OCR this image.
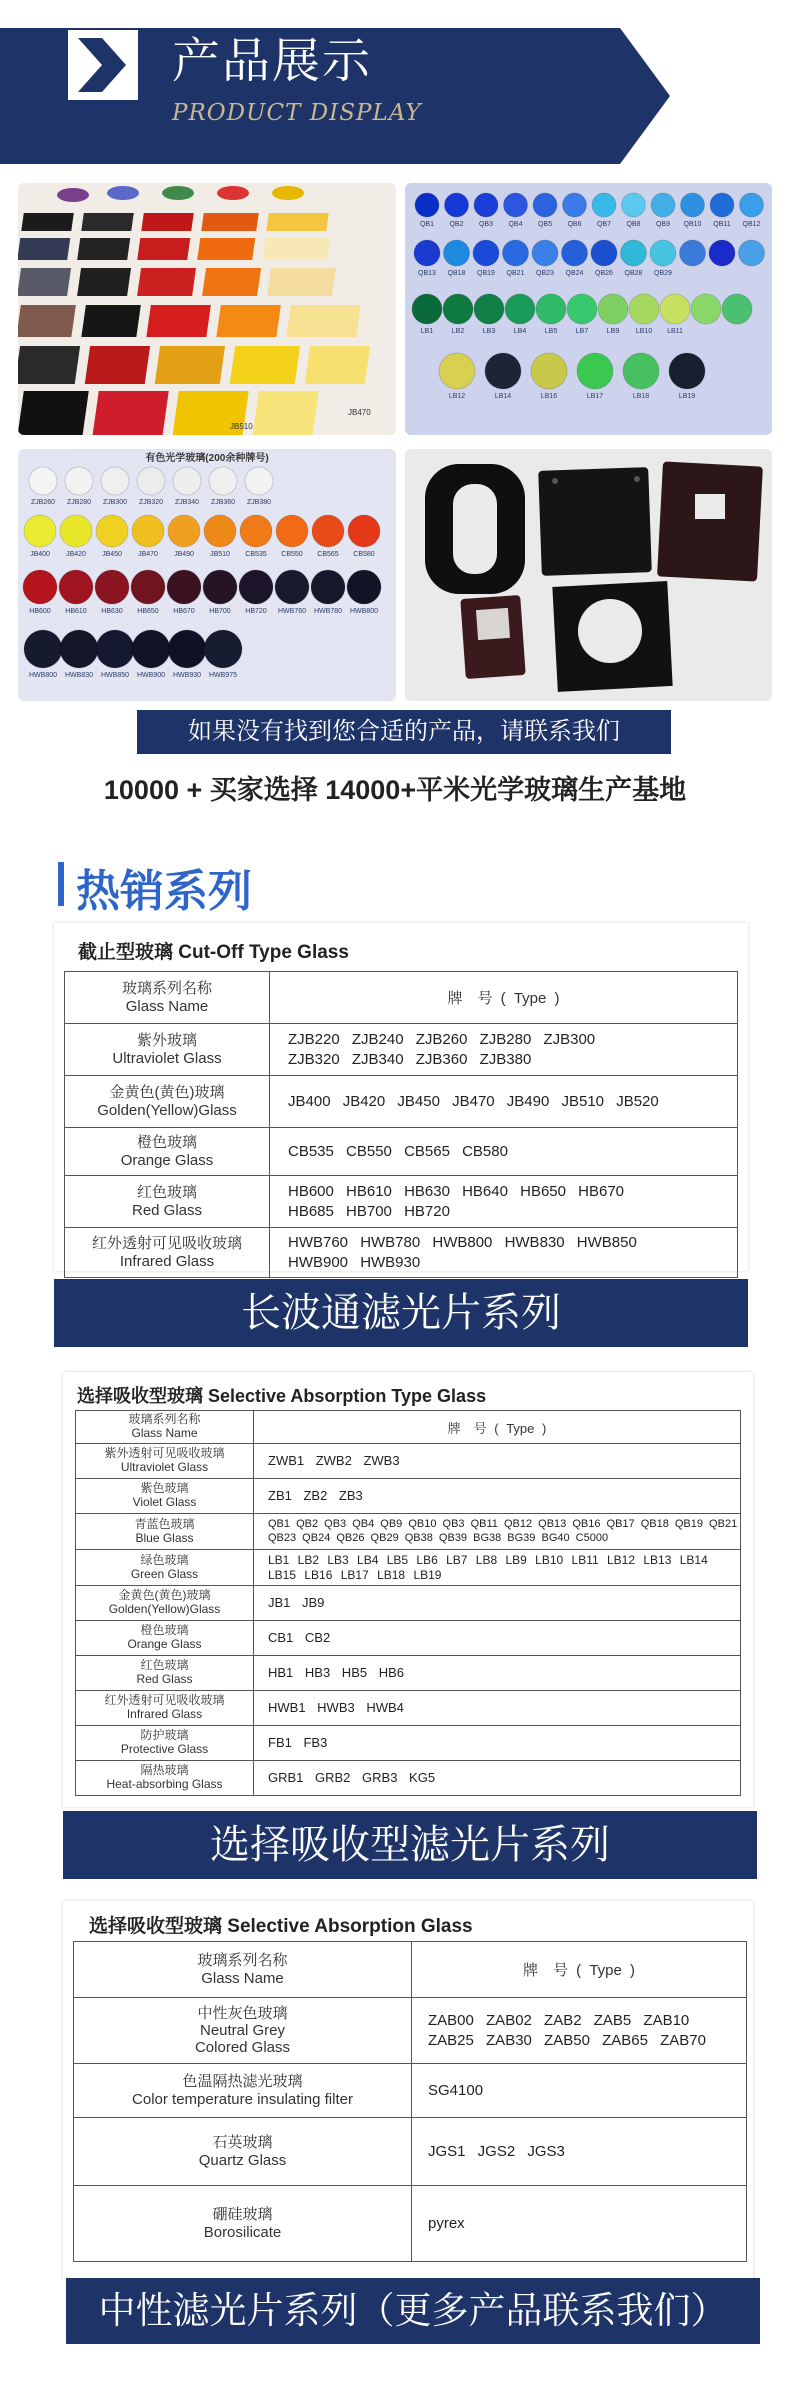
产品展示
PRODUCT DISPLAY
JB510
JB470
QB1 QB2 QB3 QB4 QB5 QB6 QB7 QB8 QB9 QB10 QB11 QB12
QB13 QB18 QB19 QB21 QB23 QB24 QB26 QB28 QB29
LB1	LB2	LB3	LB4	LB5	LB7	LB9 LB10 LB11
LB12	LB14	LB16	LB17	LB18	LB19
有色光学玻璃(200余种牌号)
ZJB260 ZJB280 ZJB300 ZJB320 ZJB340 ZJB360 ZJB380
JB400 JB420 JB450 JB470 JB490 JB510 CB535 CB550 CB565 CB580
HB600 HB610 HB630 HB650 HB670 HB700 HB720 HWB760 HWB780 HWB800
HWB800 HWB830 HWB850 HWB900 HWB930 HWB975
如果没有找到您合适的产品，请联系我们
10000 + 买家选择 14000+平米光学玻璃生产基地
热销系列
截止型玻璃 Cut-Off Type Glass
玻璃系列名称
Glass Name	牌　号 ( Type )

紫外玻璃
Ultraviolet Glass	ZJB220 ZJB240 ZJB260 ZJB280 ZJB300 ZJB320 ZJB340 ZJB360 ZJB380

金黄色(黄色)玻璃
Golden(Yellow)Glass	JB400 JB420 JB450 JB470 JB490 JB510 JB520

橙色玻璃
Orange Glass	CB535 CB550 CB565 CB580

红色玻璃
Red Glass	HB600 HB610 HB630 HB640 HB650 HB670 HB685 HB700 HB720

红外透射可见吸收玻璃
Infrared Glass	HWB760 HWB780 HWB800 HWB830 HWB850 HWB900 HWB930
长波通滤光片系列
选择吸收型玻璃 Selective Absorption Type Glass
玻璃系列名称
Glass Name	牌　号 ( Type )

紫外透射可见吸收玻璃
Ultraviolet Glass	ZWB1 ZWB2 ZWB3

紫色玻璃
Violet Glass	ZB1 ZB2 ZB3

青蓝色玻璃
Blue Glass	QB1 QB2 QB3 QB4 QB9 QB10 QB3 QB11 QB12 QB13 QB16 QB17 QB18 QB19 QB21 QB23 QB24 QB26 QB29 QB38 QB39 BG38 BG39 BG40 C5000

绿色玻璃
Green Glass	LB1 LB2 LB3 LB4 LB5 LB6 LB7 LB8 LB9 LB10 LB11 LB12 LB13 LB14 LB15 LB16 LB17 LB18 LB19

金黄色(黄色)玻璃
Golden(Yellow)Glass	JB1 JB9

橙色玻璃
Orange Glass	CB1 CB2

红色玻璃
Red Glass	HB1 HB3 HB5 HB6

红外透射可见吸收玻璃
Infrared Glass	HWB1 HWB3 HWB4

防护玻璃
Protective Glass	FB1 FB3

隔热玻璃
Heat-absorbing Glass	GRB1 GRB2 GRB3 KG5
选择吸收型滤光片系列
选择吸收型玻璃 Selective Absorption Glass
玻璃系列名称
Glass Name	牌　号 ( Type )

中性灰色玻璃
Neutral Grey
Colored Glass	ZAB00 ZAB02 ZAB2 ZAB5 ZAB10 ZAB25 ZAB30 ZAB50 ZAB65 ZAB70

色温隔热滤光玻璃
Color temperature insulating filter	SG4100

石英玻璃
Quartz Glass	JGS1 JGS2 JGS3

硼硅玻璃
Borosilicate	pyrex
中性滤光片系列（更多产品联系我们）
